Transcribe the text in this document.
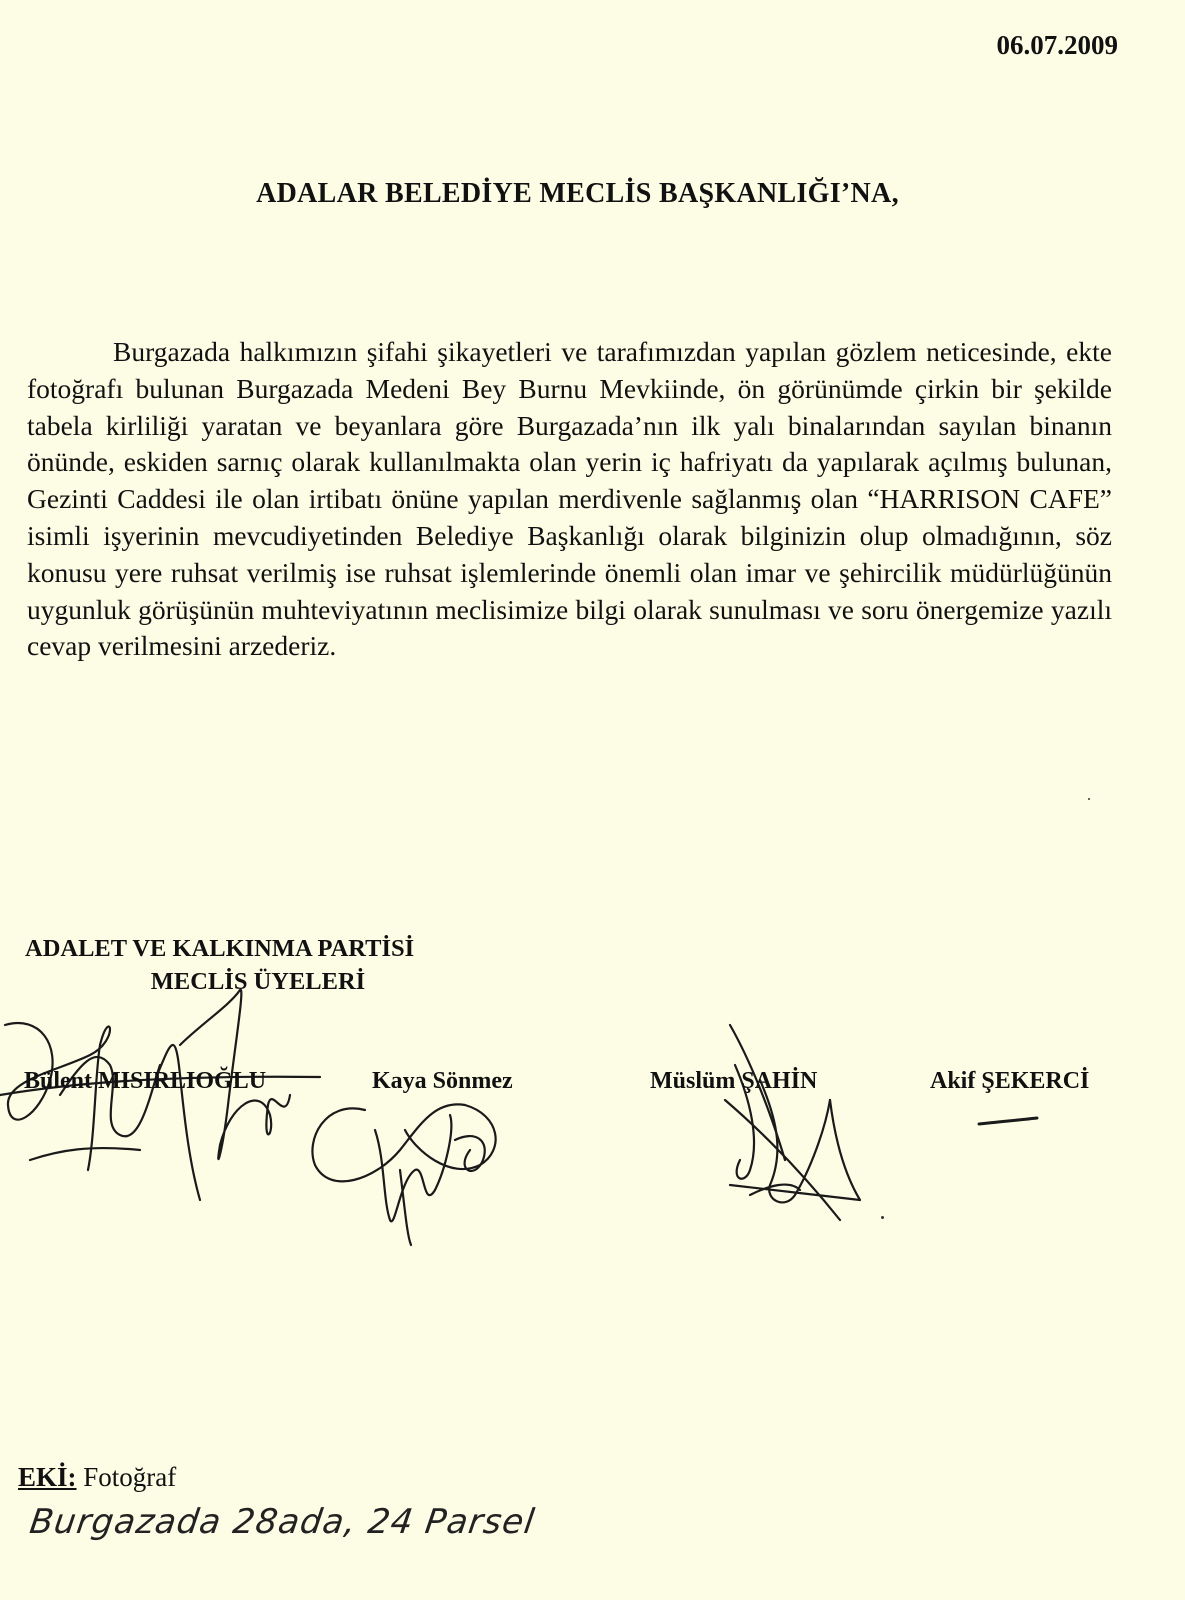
06.07.2009
ADALAR BELEDİYE MECLİS BAŞKANLIĞI’NA,
Burgazada halkımızın şifahi şikayetleri ve tarafımızdan yapılan gözlem neticesinde, ekte fotoğrafı bulunan Burgazada Medeni Bey Burnu Mevkiinde, ön görünümde çirkin bir şekilde tabela kirliliği yaratan ve beyanlara göre Burgazada’nın ilk yalı binalarından sayılan binanın önünde, eskiden sarnıç olarak kullanılmakta olan yerin iç hafriyatı da yapılarak açılmış bulunan, Gezinti Caddesi ile olan irtibatı önüne yapılan merdivenle sağlanmış olan “HARRISON CAFE” isimli işyerinin mevcudiyetinden Belediye Başkanlığı olarak bilginizin olup olmadığının, söz konusu yere ruhsat verilmiş ise ruhsat işlemlerinde önemli olan imar ve şehircilik müdürlüğünün uygunluk görüşünün muhteviyatının meclisimize bilgi olarak sunulması ve soru önergemize yazılı cevap verilmesini arzederiz.
ADALET VE KALKINMA PARTİSİ
MECLİS ÜYELERİ
Bülent MISIRLIOĞLU	Kaya Sönmez	Müslüm ŞAHİN	Akif ŞEKERCİ
EKİ: Fotoğraf
Burgazada 28ada, 24 Parsel
